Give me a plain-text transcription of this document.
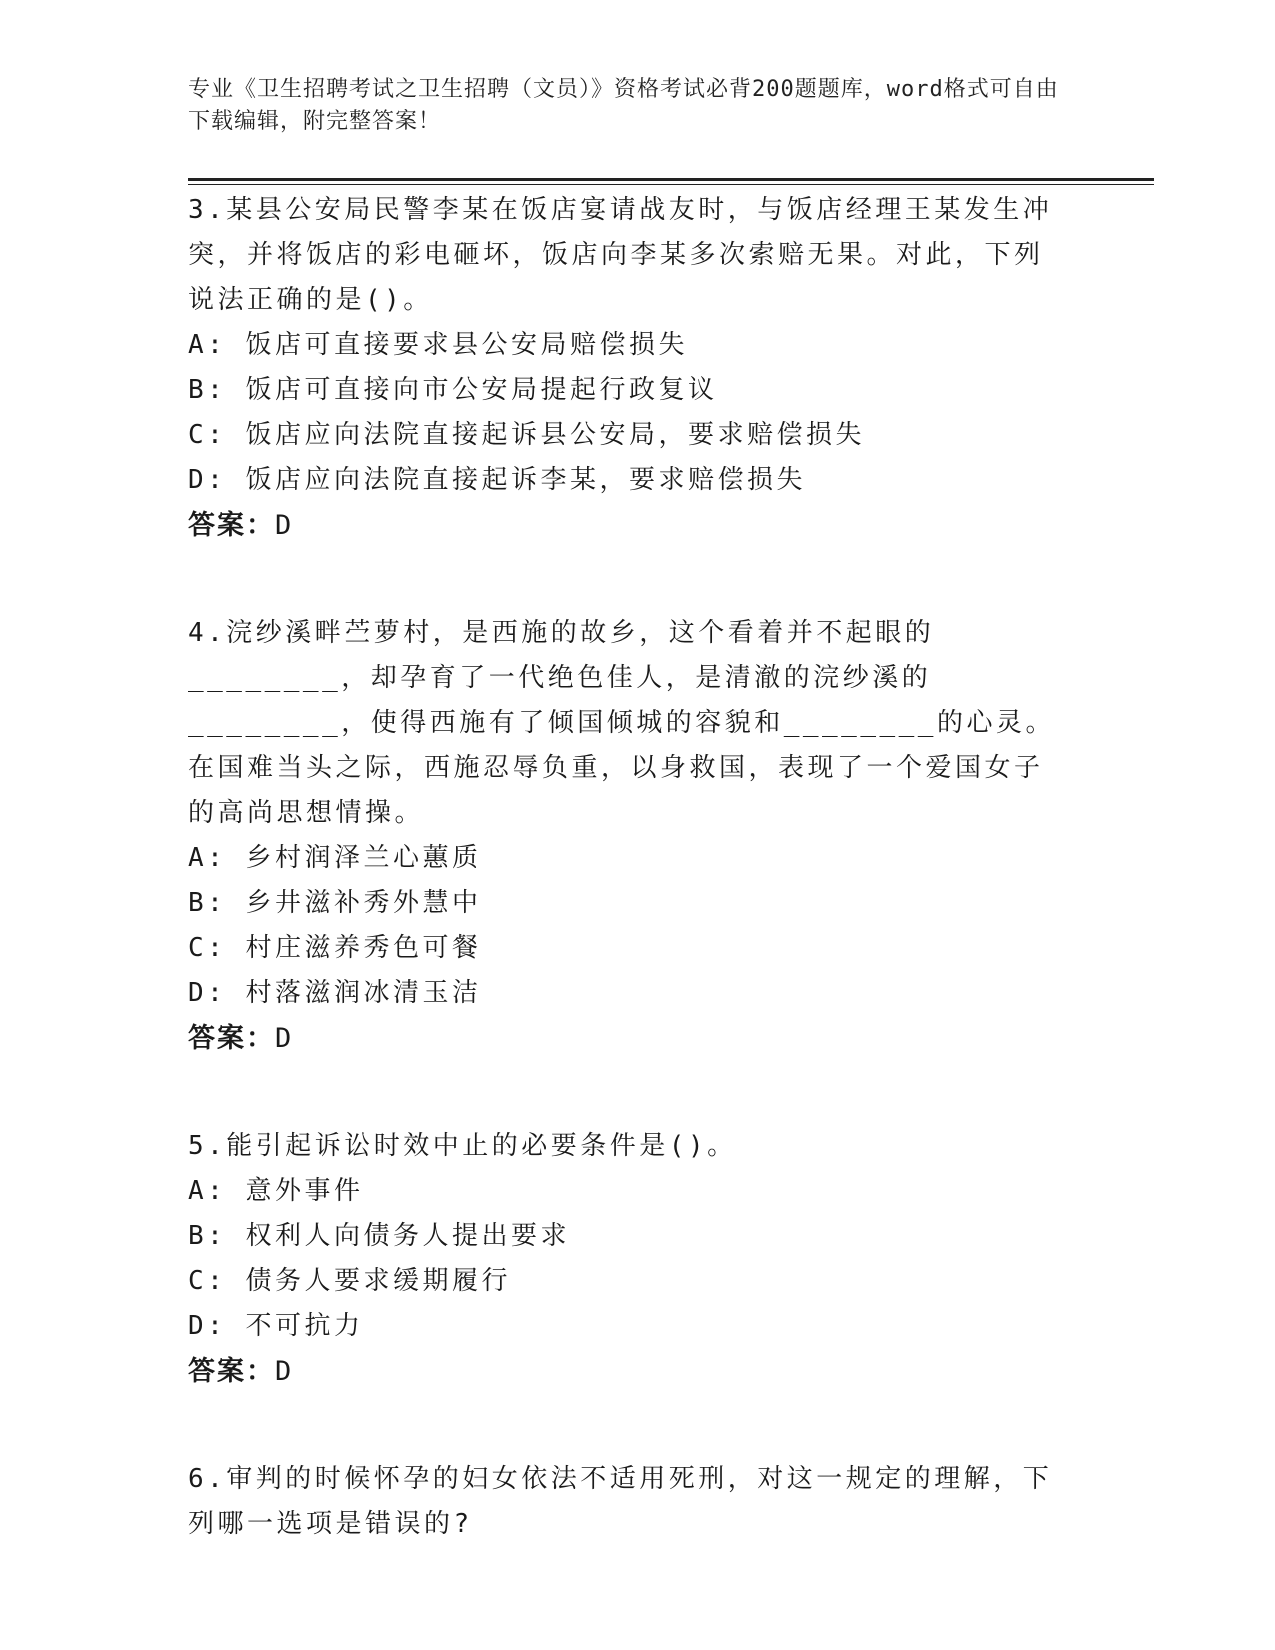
专业《卫生招聘考试之卫生招聘（文员）》资格考试必背200题题库，word格式可自由下载编辑，附完整答案！

3.某县公安局民警李某在饭店宴请战友时，与饭店经理王某发生冲突，并将饭店的彩电砸坏，饭店向李某多次索赔无果。对此，下列说法正确的是()。

A: 饭店可直接要求县公安局赔偿损失

B: 饭店可直接向市公安局提起行政复议

C: 饭店应向法院直接起诉县公安局，要求赔偿损失

D: 饭店应向法院直接起诉李某，要求赔偿损失

答案：D

4.浣纱溪畔苎萝村，是西施的故乡，这个看着并不起眼的________，却孕育了一代绝色佳人，是清澈的浣纱溪的________，使得西施有了倾国倾城的容貌和________的心灵。在国难当头之际，西施忍辱负重，以身救国，表现了一个爱国女子的高尚思想情操。

A: 乡村润泽兰心蕙质

B: 乡井滋补秀外慧中

C: 村庄滋养秀色可餐

D: 村落滋润冰清玉洁

答案：D

5.能引起诉讼时效中止的必要条件是()。

A: 意外事件

B: 权利人向债务人提出要求

C: 债务人要求缓期履行

D: 不可抗力

答案：D

6.审判的时候怀孕的妇女依法不适用死刑，对这一规定的理解，下列哪一选项是错误的?
